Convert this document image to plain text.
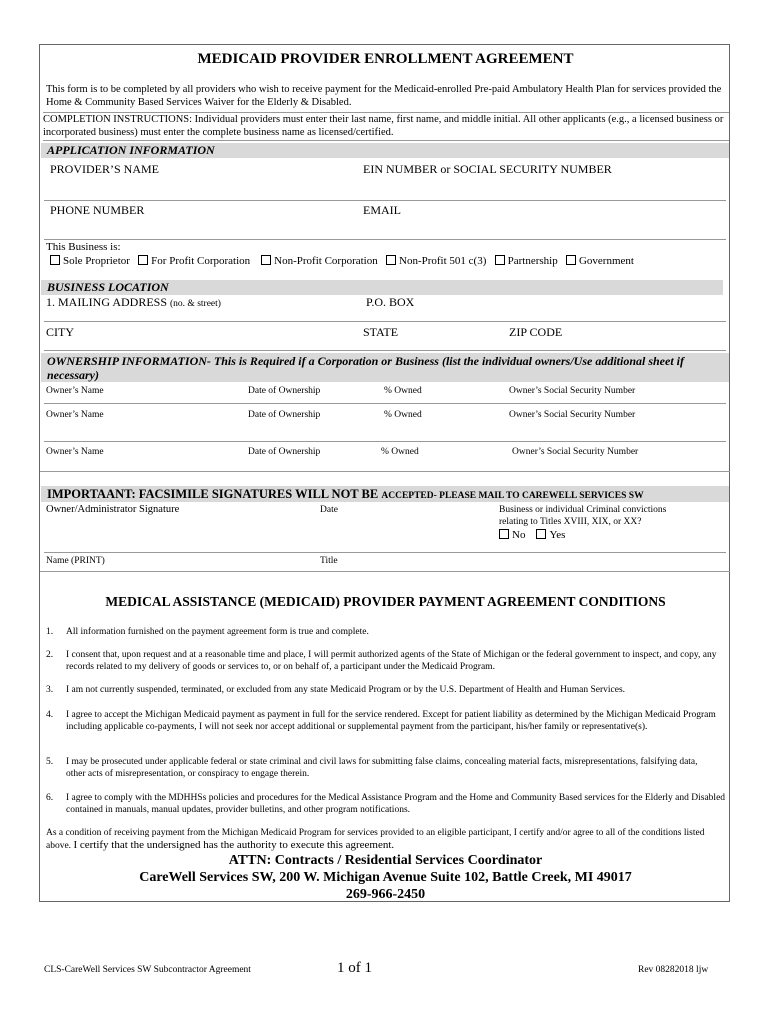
MEDICAID PROVIDER ENROLLMENT AGREEMENT
This form is to be completed by all providers who wish to receive payment for the Medicaid-enrolled Pre-paid Ambulatory Health Plan for services provided the Home & Community Based Services Waiver for the Elderly & Disabled.
COMPLETION INSTRUCTIONS: Individual providers must enter their last name, first name, and middle initial. All other applicants (e.g., a licensed business or incorporated business) must enter the complete business name as licensed/certified.
APPLICATION INFORMATION
PROVIDER’S NAME	EIN NUMBER or SOCIAL SECURITY NUMBER
PHONE NUMBER	EMAIL
This Business is:
Sole Proprietor For Profit Corporation Non-Profit Corporation Non-Profit 501 c(3) Partnership Government
BUSINESS LOCATION
1. MAILING ADDRESS (no. & street)	P.O. BOX
CITY	STATE	ZIP CODE
OWNERSHIP INFORMATION- This is Required if a Corporation or Business (list the individual owners/Use additional sheet if necessary)
Owner’s Name	Date of Ownership	% Owned	Owner’s Social Security Number
Owner’s Name	Date of Ownership	% Owned	Owner’s Social Security Number
Owner’s Name	Date of Ownership	% Owned	Owner’s Social Security Number
IMPORTAANT: FACSIMILE SIGNATURES WILL NOT BE ACCEPTED- PLEASE MAIL TO CAREWELL SERVICES SW
Owner/Administrator Signature	Date	Business or individual Criminal convictions
relating to Titles XVIII, XIX, or XX?
No Yes
Name (PRINT)	Title
MEDICAL ASSISTANCE (MEDICAID) PROVIDER PAYMENT AGREEMENT CONDITIONS
1. All information furnished on the payment agreement form is true and complete.
2. I consent that, upon request and at a reasonable time and place, I will permit authorized agents of the State of Michigan or the federal government to inspect, and copy, any records related to my delivery of goods or services to, or on behalf of, a participant under the Medicaid Program.
3. I am not currently suspended, terminated, or excluded from any state Medicaid Program or by the U.S. Department of Health and Human Services.
4. I agree to accept the Michigan Medicaid payment as payment in full for the service rendered. Except for patient liability as determined by the Michigan Medicaid Program including applicable co-payments, I will not seek nor accept additional or supplemental payment from the participant, his/her family or representative(s).
5. I may be prosecuted under applicable federal or state criminal and civil laws for submitting false claims, concealing material facts, misrepresentations, falsifying data, other acts of misrepresentation, or conspiracy to engage therein.
6. I agree to comply with the MDHHSs policies and procedures for the Medical Assistance Program and the Home and Community Based services for the Elderly and Disabled contained in manuals, manual updates, provider bulletins, and other program notifications.
As a condition of receiving payment from the Michigan Medicaid Program for services provided to an eligible participant, I certify and/or agree to all of the conditions listed above. I certify that the undersigned has the authority to execute this agreement.
ATTN: Contracts / Residential Services Coordinator
CareWell Services SW, 200 W. Michigan Avenue Suite 102, Battle Creek, MI 49017
269-966-2450
CLS-CareWell Services SW Subcontractor Agreement	1 of 1	Rev 08282018 ljw
